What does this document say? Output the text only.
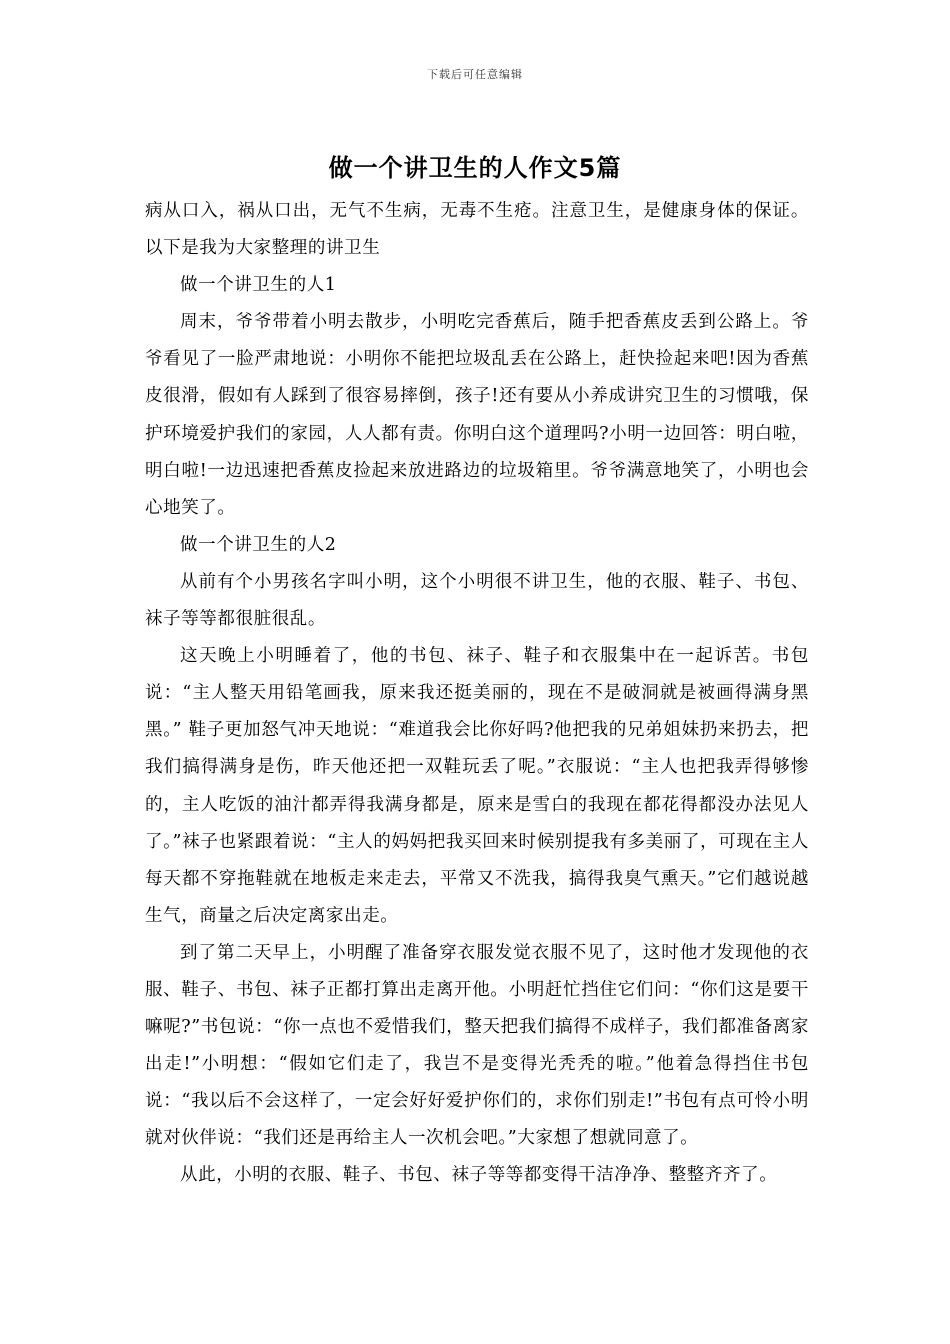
下载后可任意编辑
做一个讲卫生的人作文5篇

病从口入，祸从口出，无气不生病，无毒不生疮。注意卫生，是健康身体的保证。以下是我为大家整理的讲卫生

做一个讲卫生的人1

周末，爷爷带着小明去散步，小明吃完香蕉后，随手把香蕉皮丢到公路上。爷爷看见了一脸严肃地说：小明你不能把垃圾乱丢在公路上，赶快捡起来吧!因为香蕉皮很滑，假如有人踩到了很容易摔倒，孩子!还有要从小养成讲究卫生的习惯哦，保护环境爱护我们的家园，人人都有责。你明白这个道理吗?小明一边回答：明白啦，明白啦!一边迅速把香蕉皮捡起来放进路边的垃圾箱里。爷爷满意地笑了，小明也会心地笑了。

做一个讲卫生的人2

从前有个小男孩名字叫小明，这个小明很不讲卫生，他的衣服、鞋子、书包、袜子等等都很脏很乱。

这天晚上小明睡着了，他的书包、袜子、鞋子和衣服集中在一起诉苦。书包说：“主人整天用铅笔画我，原来我还挺美丽的，现在不是破洞就是被画得满身黑黑。” 鞋子更加怒气冲天地说：“难道我会比你好吗?他把我的兄弟姐妹扔来扔去，把我们搞得满身是伤，昨天他还把一双鞋玩丢了呢。”衣服说：“主人也把我弄得够惨的，主人吃饭的油汁都弄得我满身都是，原来是雪白的我现在都花得都没办法见人了。”袜子也紧跟着说：“主人的妈妈把我买回来时候别提我有多美丽了，可现在主人每天都不穿拖鞋就在地板走来走去，平常又不洗我，搞得我臭气熏天。”它们越说越生气，商量之后决定离家出走。

到了第二天早上，小明醒了准备穿衣服发觉衣服不见了，这时他才发现他的衣服、鞋子、书包、袜子正都打算出走离开他。小明赶忙挡住它们问：“你们这是要干嘛呢?”书包说：“你一点也不爱惜我们，整天把我们搞得不成样子，我们都准备离家出走!”小明想：“假如它们走了，我岂不是变得光秃秃的啦。”他着急得挡住书包说：“我以后不会这样了，一定会好好爱护你们的，求你们别走!”书包有点可怜小明就对伙伴说：“我们还是再给主人一次机会吧。”大家想了想就同意了。

从此，小明的衣服、鞋子、书包、袜子等等都变得干洁净净、整整齐齐了。
